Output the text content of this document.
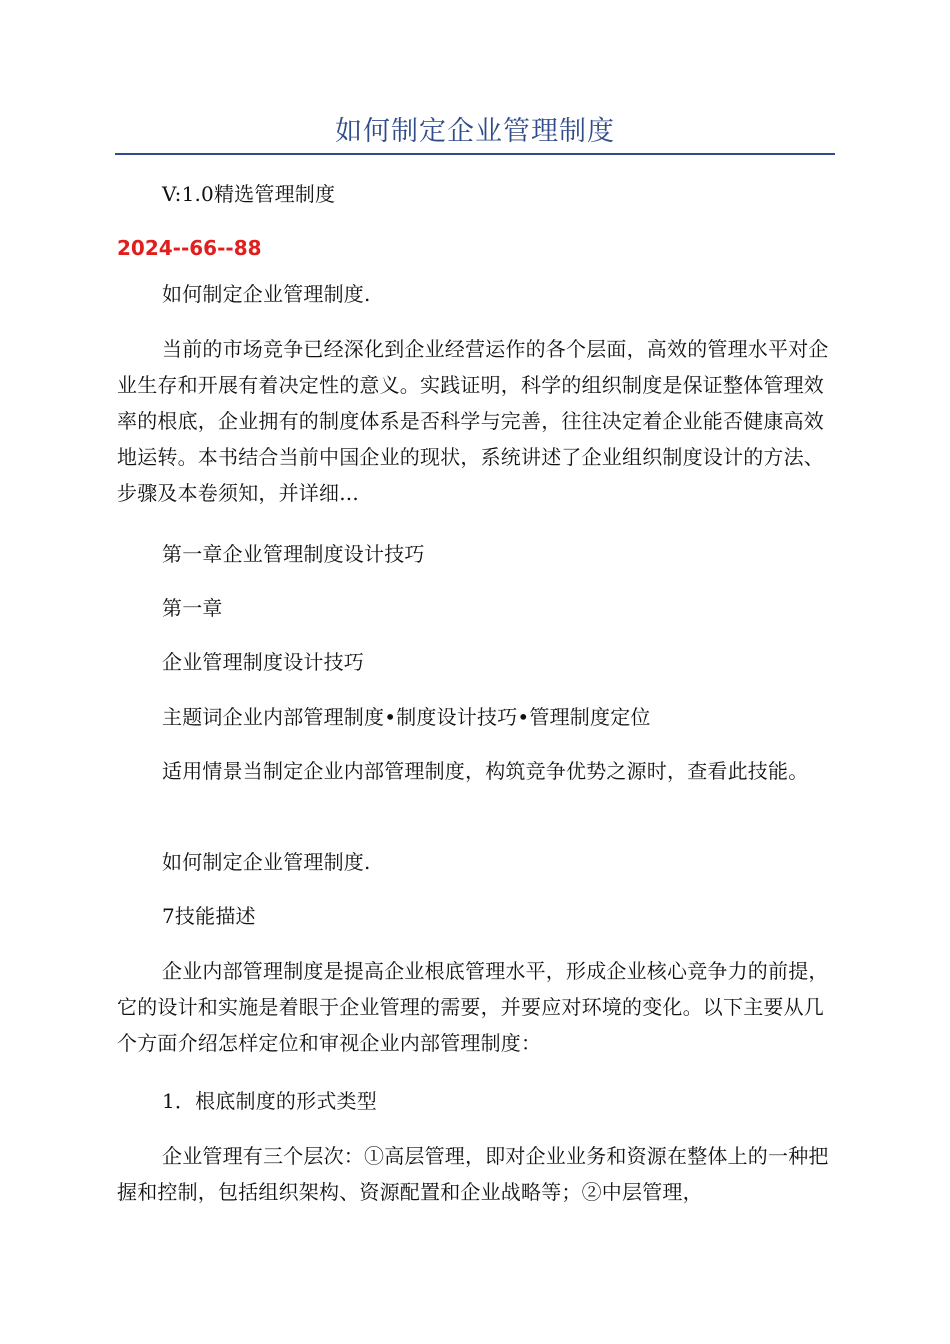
如何制定企业管理制度

V:1.0精选管理制度

2024--66--88

如何制定企业管理制度.

当前的市场竞争已经深化到企业经营运作的各个层面，高效的管理水平对企业生存和开展有着决定性的意义。实践证明，科学的组织制度是保证整体管理效率的根底，企业拥有的制度体系是否科学与完善，往往决定着企业能否健康高效地运转。本书结合当前中国企业的现状，系统讲述了企业组织制度设计的方法、步骤及本卷须知，并详细...

第一章企业管理制度设计技巧

第一章

企业管理制度设计技巧

主题词企业内部管理制度•制度设计技巧•管理制度定位

适用情景当制定企业内部管理制度，构筑竞争优势之源时，查看此技能。

如何制定企业管理制度.

7技能描述

企业内部管理制度是提高企业根底管理水平，形成企业核心竞争力的前提，它的设计和实施是着眼于企业管理的需要，并要应对环境的变化。以下主要从几个方面介绍怎样定位和审视企业内部管理制度：

1．根底制度的形式类型

企业管理有三个层次：①高层管理，即对企业业务和资源在整体上的一种把握和控制，包括组织架构、资源配置和企业战略等；②中层管理，
